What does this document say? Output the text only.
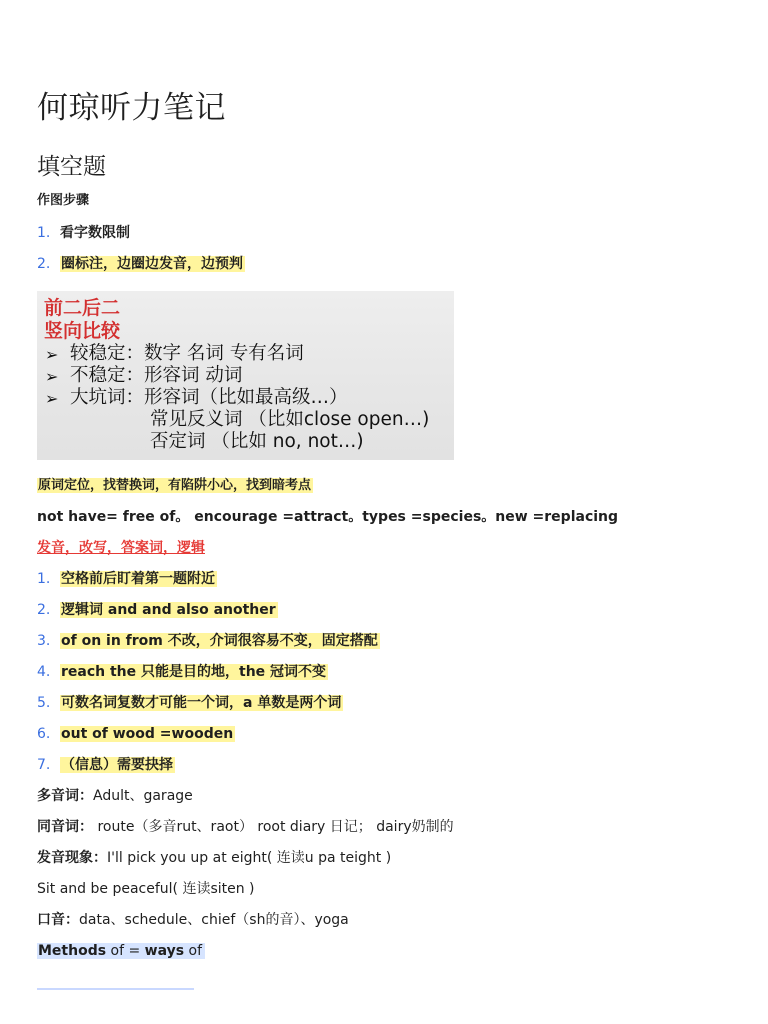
何琼听力笔记
填空题
作图步骤
1. 看字数限制
2. 圈标注，边圈边发音，边预判
前二后二
竖向比较
➢ 较稳定：数字 名词 专有名词
➢ 不稳定：形容词 动词
➢ 大坑词：形容词（比如最高级…）
常见反义词 （比如close open…)
否定词 （比如 no, not…)
原词定位，找替换词，有陷阱小心，找到暗考点
not have= free of。 encourage =attract。types =species。new =replacing
发音，改写，答案词，逻辑
1. 空格前后盯着第一题附近
2. 逻辑词 and and also another
3. of on in from 不改，介词很容易不变，固定搭配
4. reach the 只能是目的地，the 冠词不变
5. 可数名词复数才可能一个词，a 单数是两个词
6. out of wood =wooden
7. （信息）需要抉择
多音词：Adult、garage
同音词： route（多音rut、raot） root diary 日记； dairy奶制的
发音现象：I'll pick you up at eight( 连读u pa teight )
Sit and be peaceful( 连读siten )
口音：data、schedule、chief（sh的音）、yoga
Methods of = ways of
